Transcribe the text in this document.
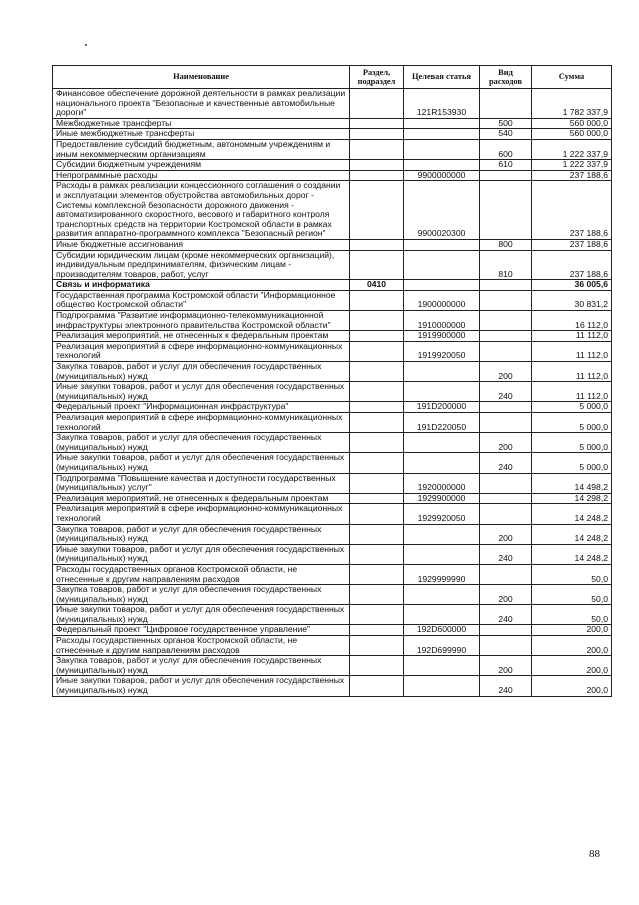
Наименование	Раздел, подраздел	Целевая статья	Вид расходов	Сумма
Финансовое обеспечение дорожной деятельности в рамках реализации национального проекта "Безопасные и качественные автомобильные дороги"		121R153930		1 782 337,9
Межбюджетные трансферты			500	560 000,0
Иные межбюджетные трансферты			540	560 000,0
Предоставление субсидий бюджетным, автономным учреждениям и иным некоммерческим организациям			600	1 222 337,9
Субсидии бюджетным учреждениям			610	1 222 337,9
Непрограммные расходы		9900000000		237 188,6
Расходы в рамках реализации концессионного соглашения о создании и эксплуатации элементов обустройства автомобильных дорог - Системы комплексной безопасности дорожного движения - автоматизированного скоростного, весового и габаритного контроля транспортных средств на территории Костромской области в рамках развития аппаратно-программного комплекса "Безопасный регион"		9900020300		237 188,6
Иные бюджетные ассигнования			800	237 188,6
Субсидии юридическим лицам (кроме некоммерческих организаций), индивидуальным предпринимателям, физическим лицам - производителям товаров, работ, услуг			810	237 188,6
Связь и информатика	0410			36 005,6
Государственная программа Костромской области "Информационное общество Костромской области"		1900000000		30 831,2
Подпрограмма "Развитие информационно-телекоммуникационной инфраструктуры электронного правительства Костромской области"		1910000000		16 112,0
Реализация мероприятий, не отнесенных к федеральным проектам		1919900000		11 112,0
Реализация мероприятий в сфере информационно-коммуникационных технологий		1919920050		11 112,0
Закупка товаров, работ и услуг для обеспечения государственных (муниципальных) нужд			200	11 112,0
Иные закупки товаров, работ и услуг для обеспечения государственных (муниципальных) нужд			240	11 112,0
Федеральный проект "Информационная инфраструктура"		191D200000		5 000,0
Реализация мероприятий в сфере информационно-коммуникационных технологий		191D220050		5 000,0
Закупка товаров, работ и услуг для обеспечения государственных (муниципальных) нужд			200	5 000,0
Иные закупки товаров, работ и услуг для обеспечения государственных (муниципальных) нужд			240	5 000,0
Подпрограмма "Повышение качества и доступности государственных (муниципальных) услуг"		1920000000		14 498,2
Реализация мероприятий, не отнесенных к федеральным проектам		1929900000		14 298,2
Реализация мероприятий в сфере информационно-коммуникационных технологий		1929920050		14 248,2
Закупка товаров, работ и услуг для обеспечения государственных (муниципальных) нужд			200	14 248,2
Иные закупки товаров, работ и услуг для обеспечения государственных (муниципальных) нужд			240	14 248,2
Расходы государственных органов Костромской области, не отнесенные к другим направлениям расходов		1929999990		50,0
Закупка товаров, работ и услуг для обеспечения государственных (муниципальных) нужд			200	50,0
Иные закупки товаров, работ и услуг для обеспечения государственных (муниципальных) нужд			240	50,0
Федеральный проект "Цифровое государственное управление"		192D600000		200,0
Расходы государственных органов Костромской области, не отнесенные к другим направлениям расходов		192D699990		200,0
Закупка товаров, работ и услуг для обеспечения государственных (муниципальных) нужд			200	200,0
Иные закупки товаров, работ и услуг для обеспечения государственных (муниципальных) нужд			240	200,0
88
